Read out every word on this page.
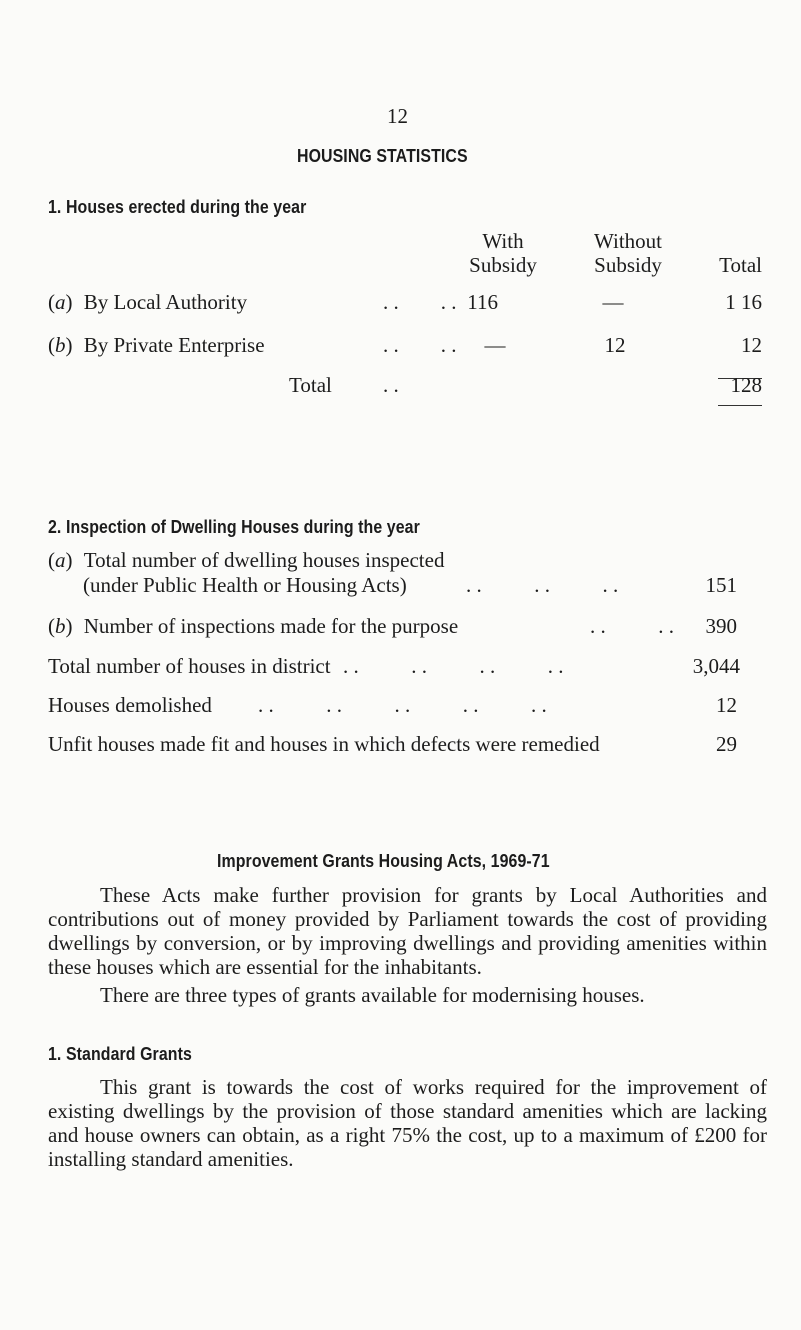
12
HOUSING STATISTICS
1. Houses erected during the year
With
Subsidy
Without
Subsidy	Total
(a) By Local Authority	. .        . . 116	—	1 16
(b) By Private Enterprise	. .        . .	—	12	12
Total . .	128
2. Inspection of Dwelling Houses during the year
(a) Total number of dwelling houses inspected
(under Public Health or Housing Acts)	. .          . .          . .	151
(b) Number of inspections made for the purpose	. .          . .	390
Total number of houses in district . .          . .          . .          . .	3,044
Houses demolished . .          . .          . .          . .          . .	12
Unfit houses made fit and houses in which defects were remedied	29
Improvement Grants Housing Acts, 1969-71
These Acts make further provision for grants by Local Authorities and contributions out of money provided by Parliament towards the cost of providing dwellings by conversion, or by improving dwellings and providing amenities within these houses which are essential for the inhabitants.
There are three types of grants available for modernising houses.
1. Standard Grants
This grant is towards the cost of works required for the improvement of existing dwellings by the provision of those standard amenities which are lacking and house owners can obtain, as a right 75% the cost, up to a maximum of £200 for installing standard amenities.
